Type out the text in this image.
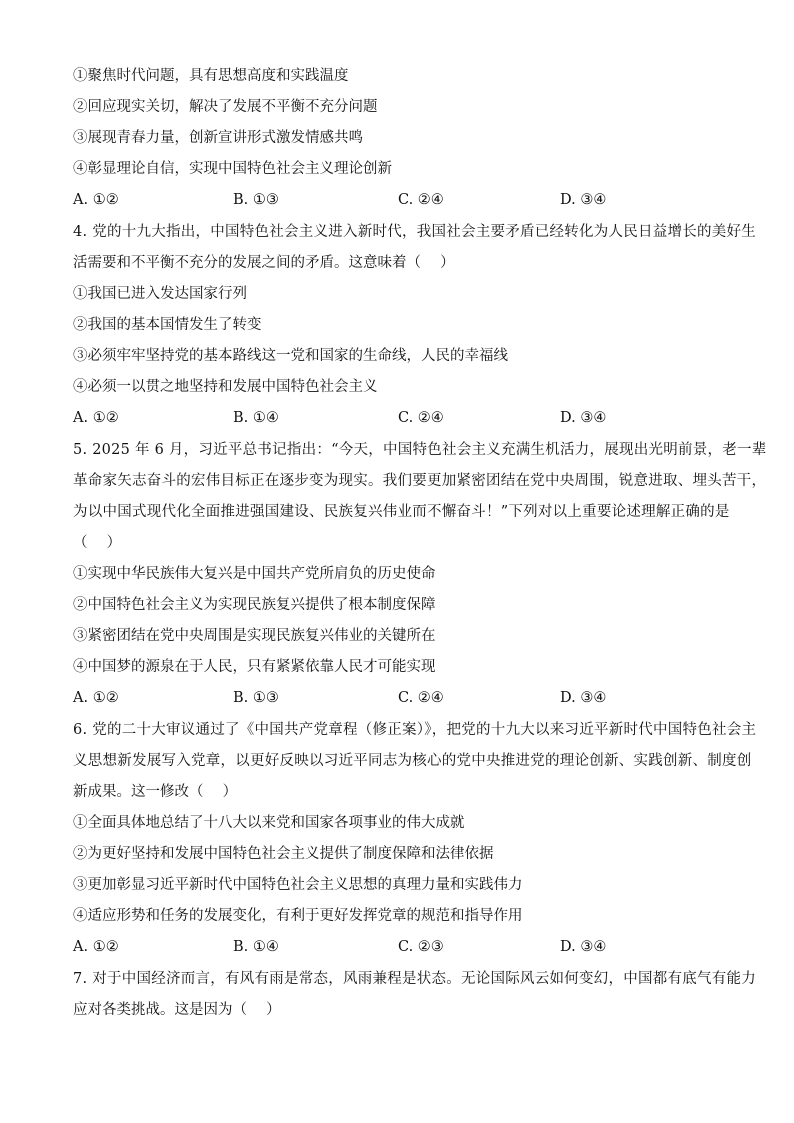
①聚焦时代问题，具有思想高度和实践温度
②回应现实关切，解决了发展不平衡不充分问题
③展现青春力量，创新宣讲形式激发情感共鸣
④彰显理论自信，实现中国特色社会主义理论创新
A. ①②	B. ①③	C. ②④	D. ③④
4. 党的十九大指出，中国特色社会主义进入新时代，我国社会主要矛盾已经转化为人民日益增长的美好生
活需要和不平衡不充分的发展之间的矛盾。这意味着（　 ）
①我国已进入发达国家行列
②我国的基本国情发生了转变
③必须牢牢坚持党的基本路线这一党和国家的生命线，人民的幸福线
④必须一以贯之地坚持和发展中国特色社会主义
A. ①②	B. ①④	C. ②④	D. ③④
5. 2025 年 6 月，习近平总书记指出：“今天，中国特色社会主义充满生机活力，展现出光明前景，老一辈
革命家矢志奋斗的宏伟目标正在逐步变为现实。我们要更加紧密团结在党中央周围，锐意进取、埋头苦干，
为以中国式现代化全面推进强国建设、民族复兴伟业而不懈奋斗！”下列对以上重要论述理解正确的是
（　 ）
①实现中华民族伟大复兴是中国共产党所肩负的历史使命
②中国特色社会主义为实现民族复兴提供了根本制度保障
③紧密团结在党中央周围是实现民族复兴伟业的关键所在
④中国梦的源泉在于人民，只有紧紧依靠人民才可能实现
A. ①②	B. ①③	C. ②④	D. ③④
6. 党的二十大审议通过了《中国共产党章程（修正案）》，把党的十九大以来习近平新时代中国特色社会主
义思想新发展写入党章，以更好反映以习近平同志为核心的党中央推进党的理论创新、实践创新、制度创
新成果。这一修改（　 ）
①全面具体地总结了十八大以来党和国家各项事业的伟大成就
②为更好坚持和发展中国特色社会主义提供了制度保障和法律依据
③更加彰显习近平新时代中国特色社会主义思想的真理力量和实践伟力
④适应形势和任务的发展变化，有利于更好发挥党章的规范和指导作用
A. ①②	B. ①④	C. ②③	D. ③④
7. 对于中国经济而言，有风有雨是常态，风雨兼程是状态。无论国际风云如何变幻，中国都有底气有能力
应对各类挑战。这是因为（　 ）
